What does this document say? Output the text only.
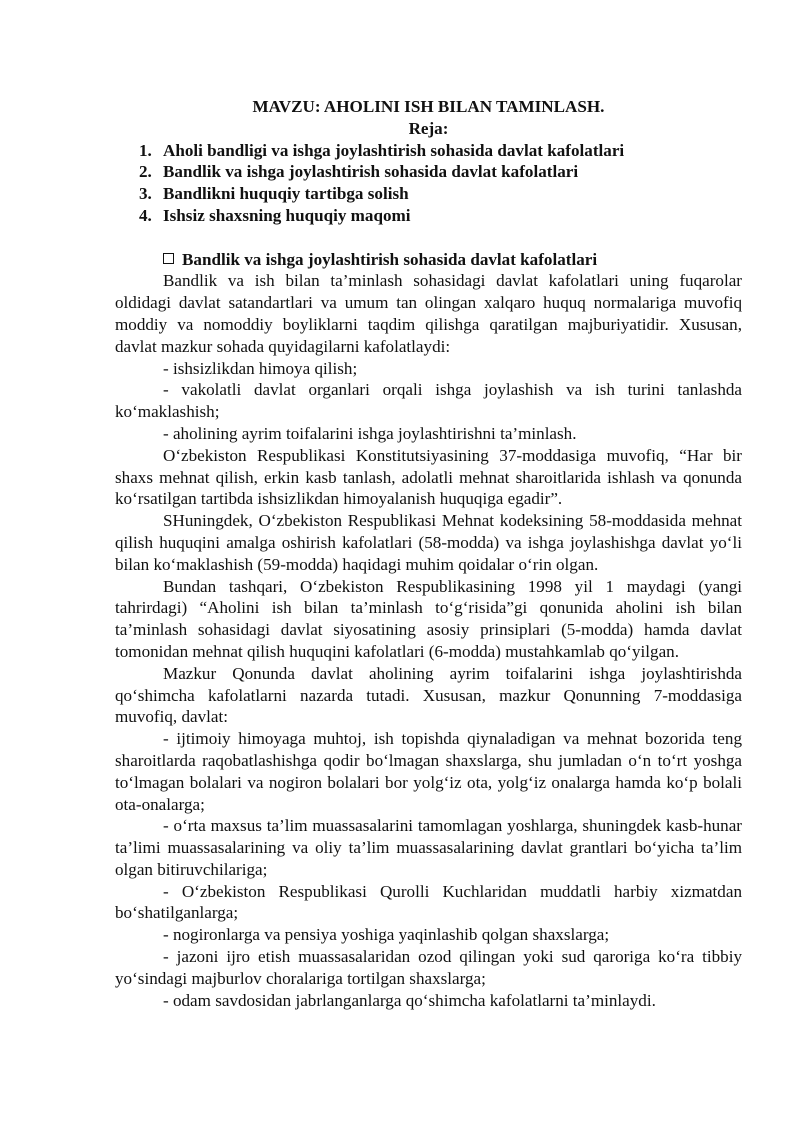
MAVZU: AHOLINI ISH BILAN TAMINLASH.
Reja:
1. Aholi bandligi va ishga joylashtirish sohasida davlat kafolatlari
2. Bandlik va ishga joylashtirish sohasida davlat kafolatlari
3. Bandlikni huquqiy tartibga solish
4. Ishsiz shaxsning huquqiy maqomi
Bandlik va ishga joylashtirish sohasida davlat kafolatlari

Bandlik va ish bilan ta’minlash sohasidagi davlat kafolatlari uning fuqarolar oldidagi davlat satandartlari va umum tan olingan xalqaro huquq normalariga muvofiq moddiy va nomoddiy boyliklarni taqdim qilishga qaratilgan majburiyatidir. Xususan, davlat mazkur sohada quyidagilarni kafolatlaydi:

- ishsizlikdan himoya qilish;

- vakolatli davlat organlari orqali ishga joylashish va ish turini tanlashda ko‘maklashish;

- aholining ayrim toifalarini ishga joylashtirishni ta’minlash.

O‘zbekiston Respublikasi Konstitutsiyasining 37-moddasiga muvofiq, “Har bir shaxs mehnat qilish, erkin kasb tanlash, adolatli mehnat sharoitlarida ishlash va qonunda ko‘rsatilgan tartibda ishsizlikdan himoyalanish huquqiga egadir”.

SHuningdek, O‘zbekiston Respublikasi Mehnat kodeksining 58-moddasida mehnat qilish huquqini amalga oshirish kafolatlari (58-modda) va ishga joylashishga davlat yo‘li bilan ko‘maklashish (59-modda) haqidagi muhim qoidalar o‘rin olgan.

Bundan tashqari, O‘zbekiston Respublikasining 1998 yil 1 maydagi (yangi tahrirdagi) “Aholini ish bilan ta’minlash to‘g‘risida”gi qonunida aholini ish bilan ta’minlash sohasidagi davlat siyosatining asosiy prinsiplari (5-modda) hamda davlat tomonidan mehnat qilish huquqini kafolatlari (6-modda) mustahkamlab qo‘yilgan.

Mazkur Qonunda davlat aholining ayrim toifalarini ishga joylashtirishda qo‘shimcha kafolatlarni nazarda tutadi. Xususan, mazkur Qonunning 7-moddasiga muvofiq, davlat:

- ijtimoiy himoyaga muhtoj, ish topishda qiynaladigan va mehnat bozorida teng sharoitlarda raqobatlashishga qodir bo‘lmagan shaxslarga, shu jumladan o‘n to‘rt yoshga to‘lmagan bolalari va nogiron bolalari bor yolg‘iz ota, yolg‘iz onalarga hamda ko‘p bolali ota-onalarga;

- o‘rta maxsus ta’lim muassasalarini tamomlagan yoshlarga, shuningdek kasb-hunar ta’limi muassasalarining va oliy ta’lim muassasalarining davlat grantlari bo‘yicha ta’lim olgan bitiruvchilariga;

- O‘zbekiston Respublikasi Qurolli Kuchlaridan muddatli harbiy xizmatdan bo‘shatilganlarga;

- nogironlarga va pensiya yoshiga yaqinlashib qolgan shaxslarga;

- jazoni ijro etish muassasalaridan ozod qilingan yoki sud qaroriga ko‘ra tibbiy yo‘sindagi majburlov choralariga tortilgan shaxslarga;

- odam savdosidan jabrlanganlarga qo‘shimcha kafolatlarni ta’minlaydi.
